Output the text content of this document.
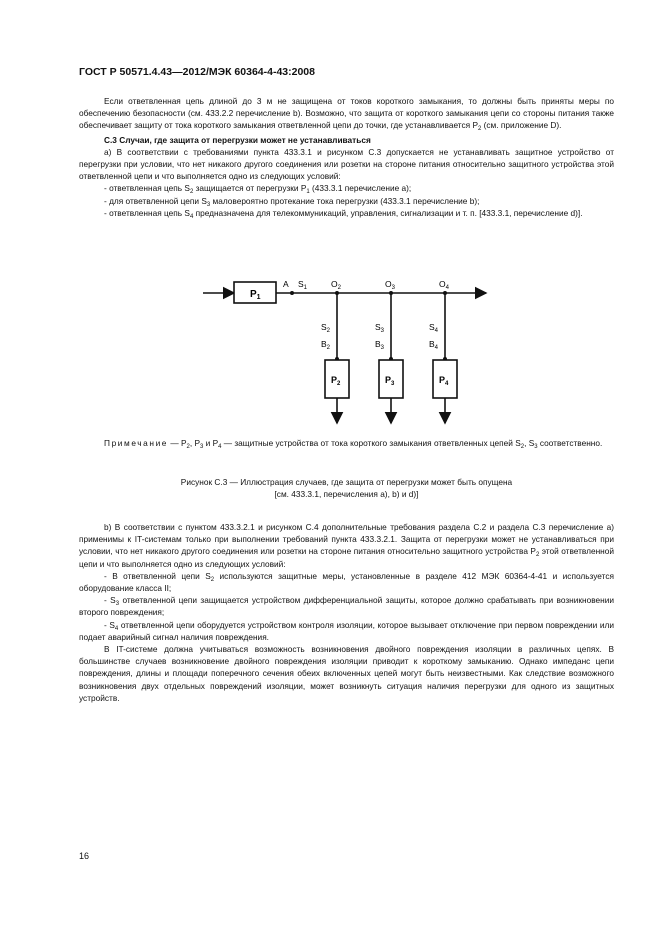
ГОСТ Р 50571.4.43—2012/МЭК 60364-4-43:2008

Если ответвленная цепь длиной до 3 м не защищена от токов короткого замыкания, то должны быть приняты меры по обеспечению безопасности (см. 433.2.2 перечисление b). Возможно, что защита от короткого замыкания цепи со стороны питания также обеспечивает защиту от тока короткого замыкания ответвленной цепи до точки, где устанавливается $Р_2$ (см. приложение D).

С.3 Случаи, где защита от перегрузки может не устанавливаться

а) В соответствии с требованиями пункта 433.3.1 и рисунком С.3 допускается не устанавливать защитное устройство от перегрузки при условии, что нет никакого другого соединения или розетки на стороне питания относительно защитного устройства этой ответвленной цепи и что выполняется одно из следующих условий:

- ответвленная цепь $S_2$ защищается от перегрузки $Р_1$ (433.3.1 перечисление а);

- для ответвленной цепи $S_3$ маловероятно протекание тока перегрузки (433.3.1 перечисление b);

- ответвленная цепь $S_4$ предназначена для телекоммуникаций, управления, сигнализации и т. п. [433.3.1, перечисление d)].

$P_1$
A $S_1$	$O_2$
$S_2$
$B_2$
$P_2$
$O_3$
$S_3$
$B_3$
$P_3$
$O_4$
$S_4$
$B_4$
$P_4$

Примечание — $Р_2$, $Р_3$ и $Р_4$ — защитные устройства от тока короткого замыкания ответвленных цепей $S_2$, $S_3$ соответственно.

Рисунок С.3 — Иллюстрация случаев, где защита от перегрузки может быть опущена

[см. 433.3.1, перечисления а), b) и d)]

b) В соответствии с пунктом 433.3.2.1 и рисунком С.4 дополнительные требования раздела С.2 и раздела С.3 перечисление а) применимы к IT-системам только при выполнении требований пункта 433.3.2.1. Защита от перегрузки может не устанавливаться при условии, что нет никакого другого соединения или розетки на стороне питания относительно защитного устройства $Р_2$ этой ответвленной цепи и что выполняется одно из следующих условий:

- В ответвленной цепи $S_2$ используются защитные меры, установленные в разделе 412 МЭК 60364-4-41 и используется оборудование класса II;

- $S_3$ ответвленной цепи защищается устройством дифференциальной защиты, которое должно срабатывать при возникновении второго повреждения;

- $S_4$ ответвленной цепи оборудуется устройством контроля изоляции, которое вызывает отключение при первом повреждении или подает аварийный сигнал наличия повреждения.

В IT-системе должна учитываться возможность возникновения двойного повреждения изоляции в различных цепях. В большинстве случаев возникновение двойного повреждения изоляции приводит к короткому замыканию. Однако импеданс цепи повреждения, длины и площади поперечного сечения обеих включенных цепей могут быть неизвестными. Как следствие возможного возникновения двух отдельных повреждений изоляции, может возникнуть ситуация наличия перегрузки для одного из защитных устройств.

16
